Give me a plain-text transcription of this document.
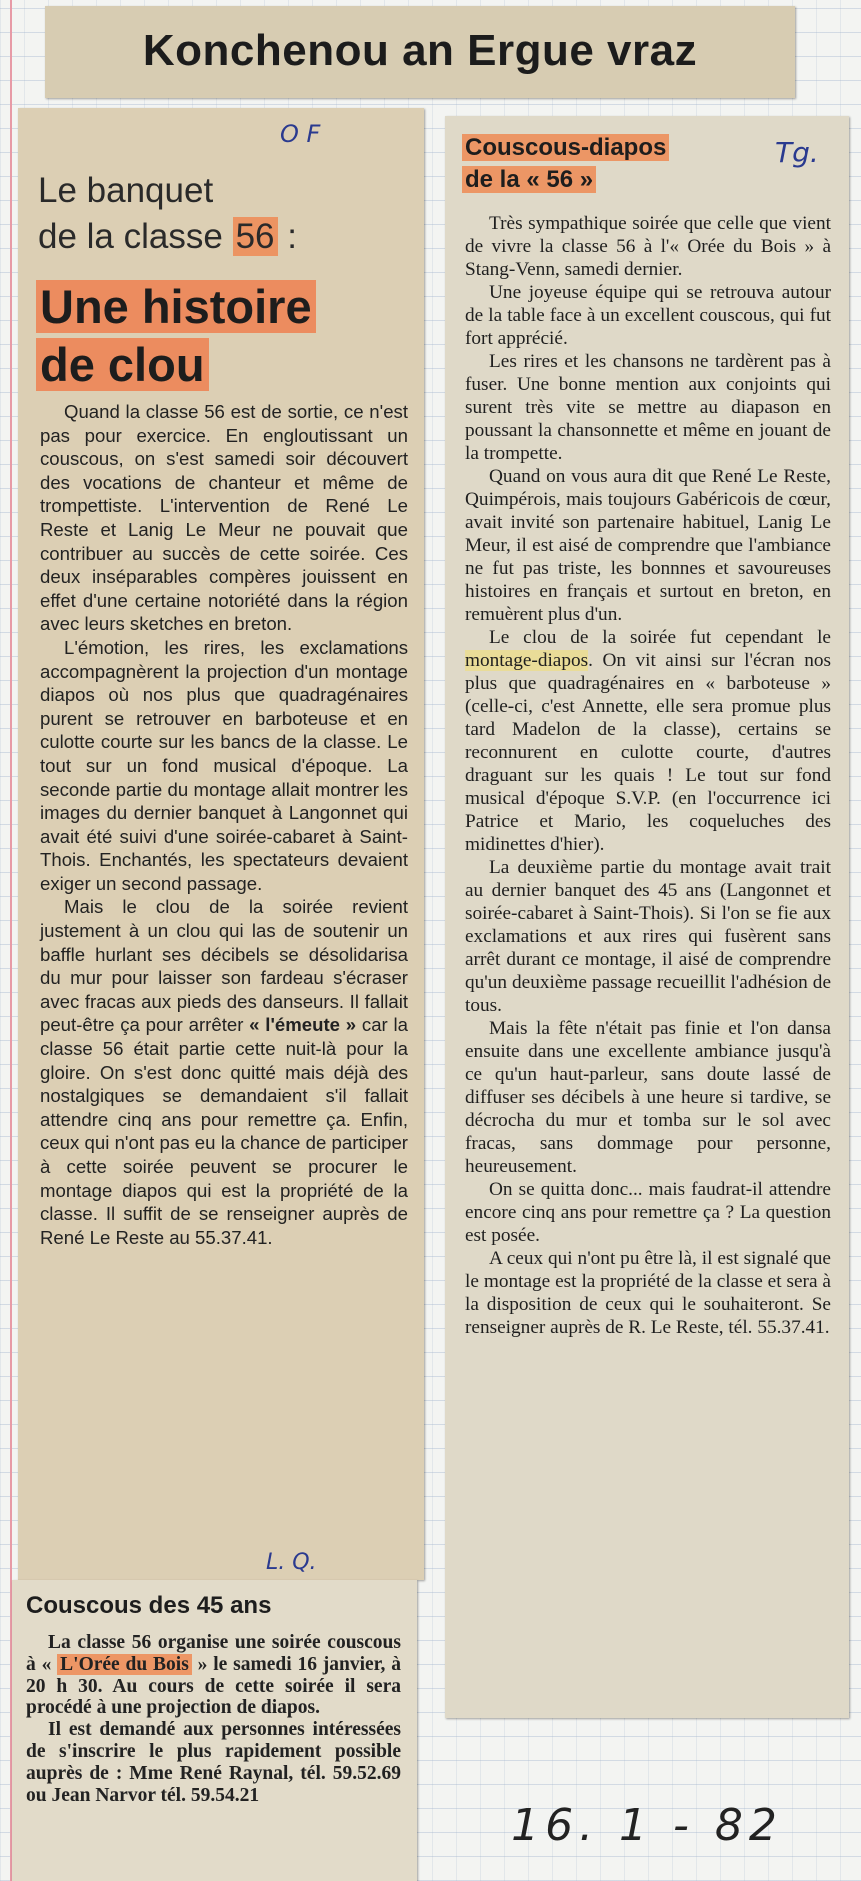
Konchenou an Ergue vraz
O F
Le banquet
de la classe 56 :
Une histoire
de clou

Quand la classe 56 est de sortie, ce n'est pas pour exercice. En engloutissant un couscous, on s'est samedi soir découvert des vocations de chanteur et même de trompettiste. L'intervention de René Le Reste et Lanig Le Meur ne pouvait que contribuer au succès de cette soirée. Ces deux inséparables compères jouissent en effet d'une certaine notoriété dans la région avec leurs sketches en breton.

L'émotion, les rires, les exclamations accompagnèrent la projection d'un montage diapos où nos plus que quadragénaires purent se retrouver en barboteuse et en culotte courte sur les bancs de la classe. Le tout sur un fond musical d'époque. La seconde partie du montage allait montrer les images du dernier banquet à Langonnet qui avait été suivi d'une soirée-cabaret à Saint-Thois. Enchantés, les spectateurs devaient exiger un second passage.

Mais le clou de la soirée revient justement à un clou qui las de soutenir un baffle hurlant ses décibels se désolidarisa du mur pour laisser son fardeau s'écraser avec fracas aux pieds des danseurs. Il fallait peut-être ça pour arrêter « l'émeute » car la classe 56 était partie cette nuit-là pour la gloire. On s'est donc quitté mais déjà des nostalgiques se demandaient s'il fallait attendre cinq ans pour remettre ça. Enfin, ceux qui n'ont pas eu la chance de participer à cette soirée peuvent se procurer le montage diapos qui est la propriété de la classe. Il suffit de se renseigner auprès de René Le Reste au 55.37.41.

L. Q.
Couscous des 45 ans

La classe 56 organise une soirée couscous à « L'Orée du Bois » le samedi 16 janvier, à 20 h 30. Au cours de cette soirée il sera procédé à une projection de diapos.

Il est demandé aux personnes intéressées de s'inscrire le plus rapidement possible auprès de : Mme René Raynal, tél. 59.52.69 ou Jean Narvor tél. 59.54.21

Tg.
Couscous-diapos
de la « 56 »

Très sympathique soirée que celle que vient de vivre la classe 56 à l'« Orée du Bois » à Stang-Venn, samedi dernier.

Une joyeuse équipe qui se retrouva autour de la table face à un excellent couscous, qui fut fort apprécié.

Les rires et les chansons ne tardèrent pas à fuser. Une bonne mention aux conjoints qui surent très vite se mettre au diapason en poussant la chansonnette et même en jouant de la trompette.

Quand on vous aura dit que René Le Reste, Quimpérois, mais toujours Gabéricois de cœur, avait invité son partenaire habituel, Lanig Le Meur, il est aisé de comprendre que l'ambiance ne fut pas triste, les bonnnes et savoureuses histoires en français et surtout en breton, en remuèrent plus d'un.

Le clou de la soirée fut cependant le montage-diapos. On vit ainsi sur l'écran nos plus que quadragénaires en « barboteuse » (celle-ci, c'est Annette, elle sera promue plus tard Madelon de la classe), certains se reconnurent en culotte courte, d'autres draguant sur les quais ! Le tout sur fond musical d'époque S.V.P. (en l'occurrence ici Patrice et Mario, les coqueluches des midinettes d'hier).

La deuxième partie du montage avait trait au dernier banquet des 45 ans (Langonnet et soirée-cabaret à Saint-Thois). Si l'on se fie aux exclamations et aux rires qui fusèrent sans arrêt durant ce montage, il aisé de comprendre qu'un deuxième passage recueillit l'adhésion de tous.

Mais la fête n'était pas finie et l'on dansa ensuite dans une excellente ambiance jusqu'à ce qu'un haut-parleur, sans doute lassé de diffuser ses décibels à une heure si tardive, se décrocha du mur et tomba sur le sol avec fracas, sans dommage pour personne, heureusement.

On se quitta donc... mais faudrat-il attendre encore cinq ans pour remettre ça ? La question est posée.

A ceux qui n'ont pu être là, il est signalé que le montage est la propriété de la classe et sera à la disposition de ceux qui le souhaiteront. Se renseigner auprès de R. Le Reste, tél. 55.37.41.

16. 1 - 82
